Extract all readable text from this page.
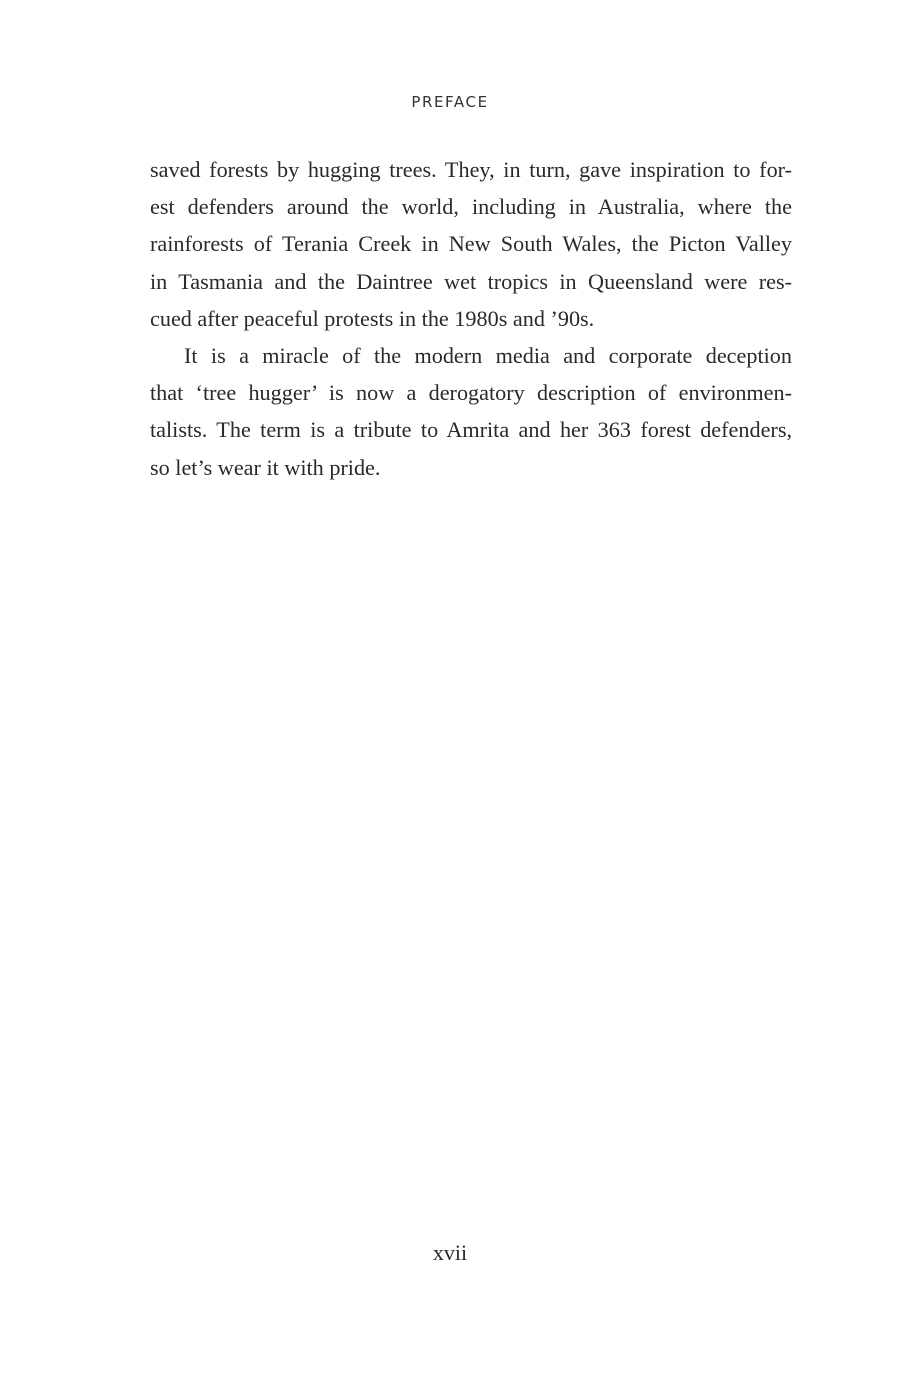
PREFACE
saved forests by hugging trees. They, in turn, gave inspiration to for-
est defenders around the world, including in Australia, where the
rainforests of Terania Creek in New South Wales, the Picton Valley
in Tasmania and the Daintree wet tropics in Queensland were res-
cued after peaceful protests in the 1980s and ’90s.
It is a miracle of the modern media and corporate deception
that ‘tree hugger’ is now a derogatory description of environmen-
talists. The term is a tribute to Amrita and her 363 forest defenders,
so let’s wear it with pride.
xvii
